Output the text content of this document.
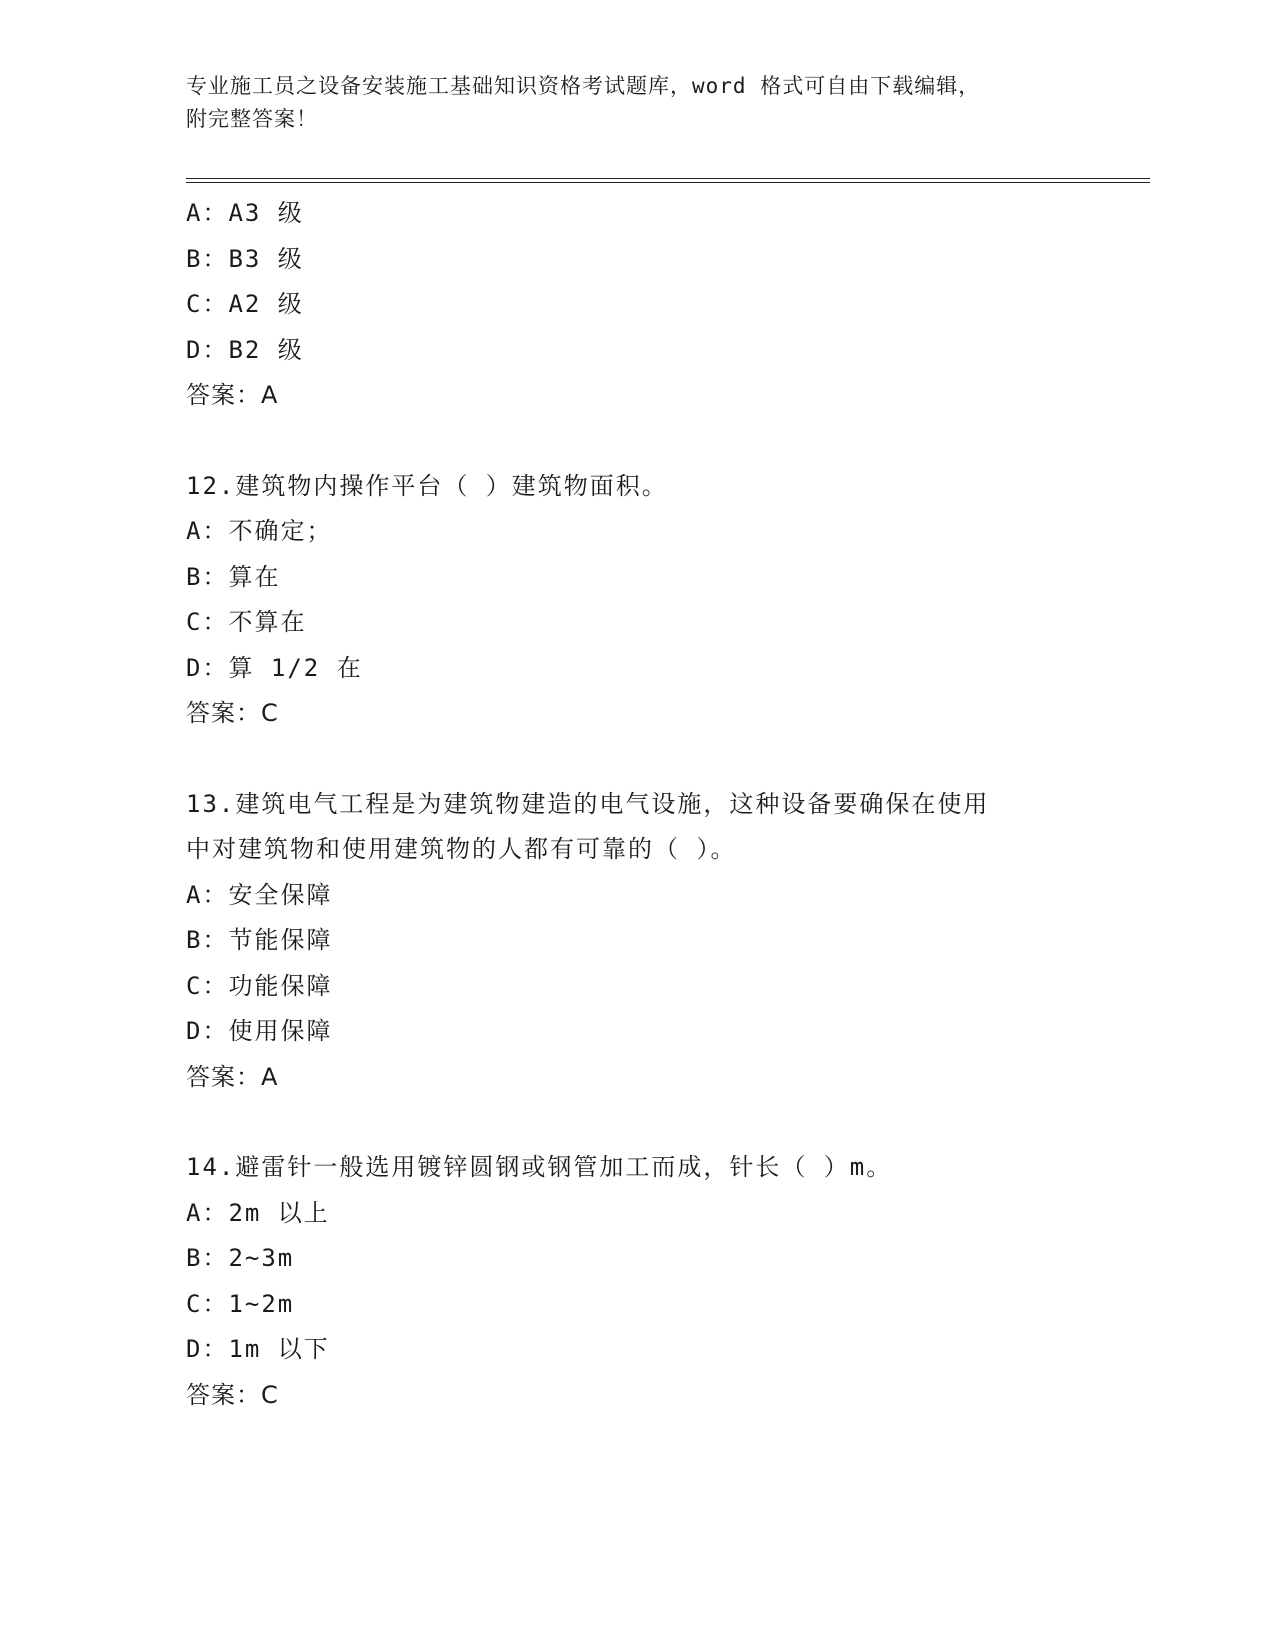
专业施工员之设备安装施工基础知识资格考试题库，word 格式可自由下载编辑，
附完整答案！
A：A3 级
B：B3 级
C：A2 级
D：B2 级
答案：A
12.建筑物内操作平台（ ）建筑物面积。
A：不确定；
B：算在
C：不算在
D：算 1/2 在
答案：C
13.建筑电气工程是为建筑物建造的电气设施，这种设备要确保在使用
中对建筑物和使用建筑物的人都有可靠的（ ）。
A：安全保障
B：节能保障
C：功能保障
D：使用保障
答案：A
14.避雷针一般选用镀锌圆钢或钢管加工而成，针长（ ）m。
A：2m 以上
B：2~3m
C：1~2m
D：1m 以下
答案：C
